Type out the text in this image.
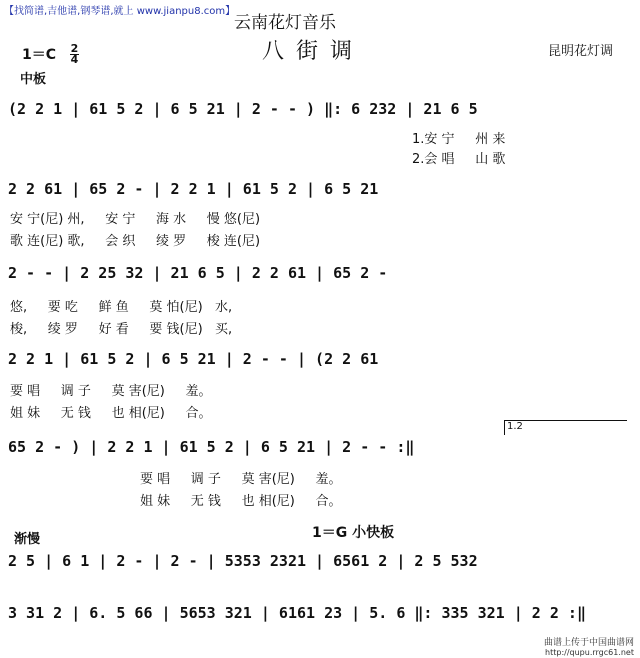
【找简谱,吉他谱,钢琴谱,就上 www.jianpu8.com】
云南花灯音乐
八街调	昆明花灯调
1＝C 2
4
中板
(2 2 1 | 61 5 2 | 6 5 21 | 2 - - ) ‖: 6 232 | 21 6 5
1.安 宁     州 来
2.会 唱     山 歌
2 2 61 | 65 2 - | 2 2 1 | 61 5 2 | 6 5 21
安 宁(尼) 州,     安 宁     海 水     慢 悠(尼)
歌 连(尼) 歌,     会 织     绫 罗     梭 连(尼)
2 - - | 2 25 32 | 21 6 5 | 2 2 61 | 65 2 -
悠,     要 吃     鲜 鱼     莫 怕(尼)   水,
梭,     绫 罗     好 看     要 钱(尼)   买,
2 2 1 | 61 5 2 | 6 5 21 | 2 - - | (2 2 61
要 唱     调 子     莫 害(尼)     羞。
姐 妹     无 钱     也 相(尼)     合。
1.2
65 2 - ) | 2 2 1 | 61 5 2 | 6 5 21 | 2 - - :‖
要 唱     调 子     莫 害(尼)     羞。
姐 妹     无 钱     也 相(尼)     合。
渐慢	1＝G 小快板
2 5 | 6 1 | 2 - | 2 - | 5353 2321 | 6561 2 | 2 5 532
3 31 2 | 6. 5 66 | 5653 321 | 6161 23 | 5. 6 ‖: 335 321 | 2 2 :‖
曲谱上传于中国曲谱网
http://qupu.rrgc61.net
